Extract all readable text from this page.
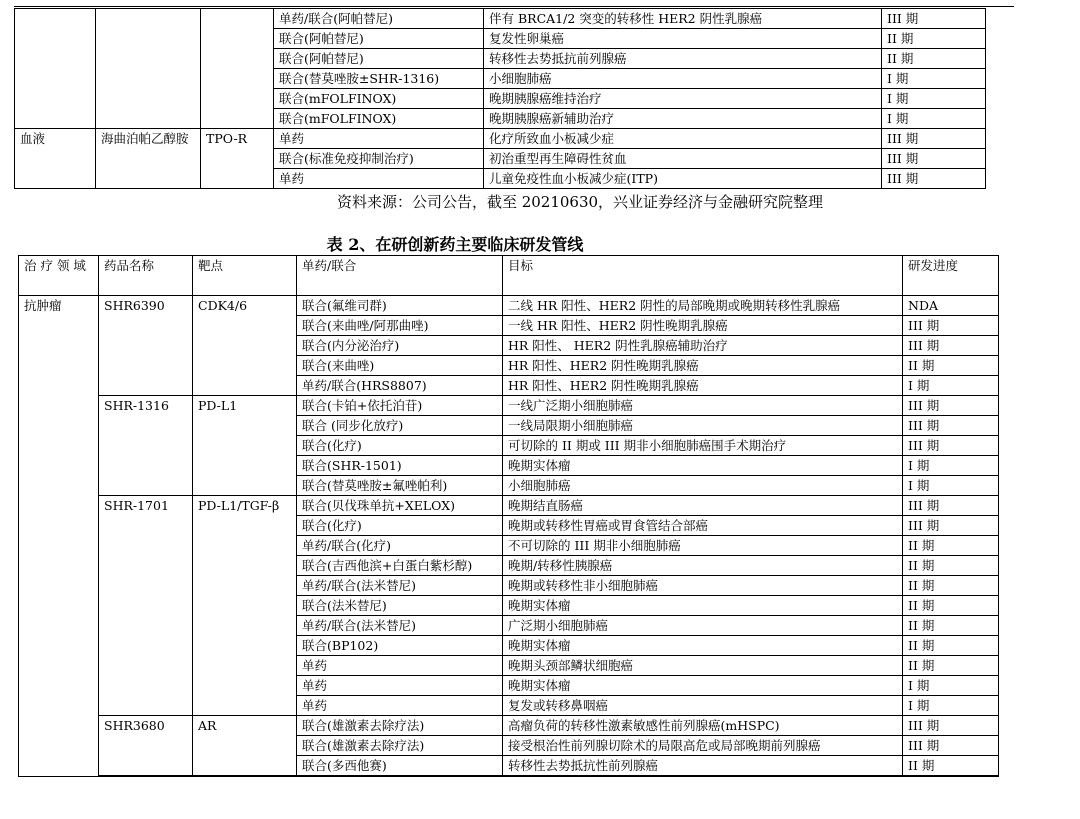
			单药/联合(阿帕替尼)	伴有 BRCA1/2 突变的转移性 HER2 阴性乳腺癌	III 期
			联合(阿帕替尼)	复发性卵巢癌	II 期
			联合(阿帕替尼)	转移性去势抵抗前列腺癌	II 期
			联合(替莫唑胺±SHR-1316)	小细胞肺癌	I 期
			联合(mFOLFINOX)	晚期胰腺癌维持治疗	I 期
			联合(mFOLFINOX)	晚期胰腺癌新辅助治疗	I 期
血液	海曲泊帕乙醇胺	TPO-R	单药	化疗所致血小板减少症	III 期
			联合(标准免疫抑制治疗)	初治重型再生障碍性贫血	III 期
			单药	儿童免疫性血小板减少症(ITP)	III 期
资料来源：公司公告，截至 20210630，兴业证券经济与金融研究院整理
表 2、在研创新药主要临床研发管线
治 疗 领 域	药品名称	靶点	单药/联合	目标	研发进度
抗肿瘤	SHR6390	CDK4/6	联合(氟维司群)	二线 HR 阳性、HER2 阴性的局部晚期或晚期转移性乳腺癌	NDA
			联合(来曲唑/阿那曲唑)	一线 HR 阳性、HER2 阴性晚期乳腺癌	III 期
			联合(内分泌治疗)	HR 阳性、 HER2 阴性乳腺癌辅助治疗	III 期
			联合(来曲唑)	HR 阳性、HER2 阴性晚期乳腺癌	II 期
			单药/联合(HRS8807)	HR 阳性、HER2 阴性晚期乳腺癌	I 期
	SHR-1316	PD-L1	联合(卡铂+依托泊苷)	一线广泛期小细胞肺癌	III 期
			联合 (同步化放疗)	一线局限期小细胞肺癌	III 期
			联合(化疗)	可切除的 II 期或 III 期非小细胞肺癌围手术期治疗	III 期
			联合(SHR-1501)	晚期实体瘤	I 期
			联合(替莫唑胺±氟唑帕利)	小细胞肺癌	I 期
	SHR-1701	PD-L1/TGF-β	联合(贝伐珠单抗+XELOX)	晚期结直肠癌	III 期
			联合(化疗)	晚期或转移性胃癌或胃食管结合部癌	III 期
			单药/联合(化疗)	不可切除的 III 期非小细胞肺癌	II 期
			联合(吉西他滨+白蛋白紫杉醇)	晚期/转移性胰腺癌	II 期
			单药/联合(法米替尼)	晚期或转移性非小细胞肺癌	II 期
			联合(法米替尼)	晚期实体瘤	II 期
			单药/联合(法米替尼)	广泛期小细胞肺癌	II 期
			联合(BP102)	晚期实体瘤	II 期
			单药	晚期头颈部鳞状细胞癌	II 期
			单药	晚期实体瘤	I 期
			单药	复发或转移鼻咽癌	I 期
	SHR3680	AR	联合(雄激素去除疗法)	高瘤负荷的转移性激素敏感性前列腺癌(mHSPC)	III 期
			联合(雄激素去除疗法)	接受根治性前列腺切除术的局限高危或局部晚期前列腺癌	III 期
			联合(多西他赛)	转移性去势抵抗性前列腺癌	II 期
